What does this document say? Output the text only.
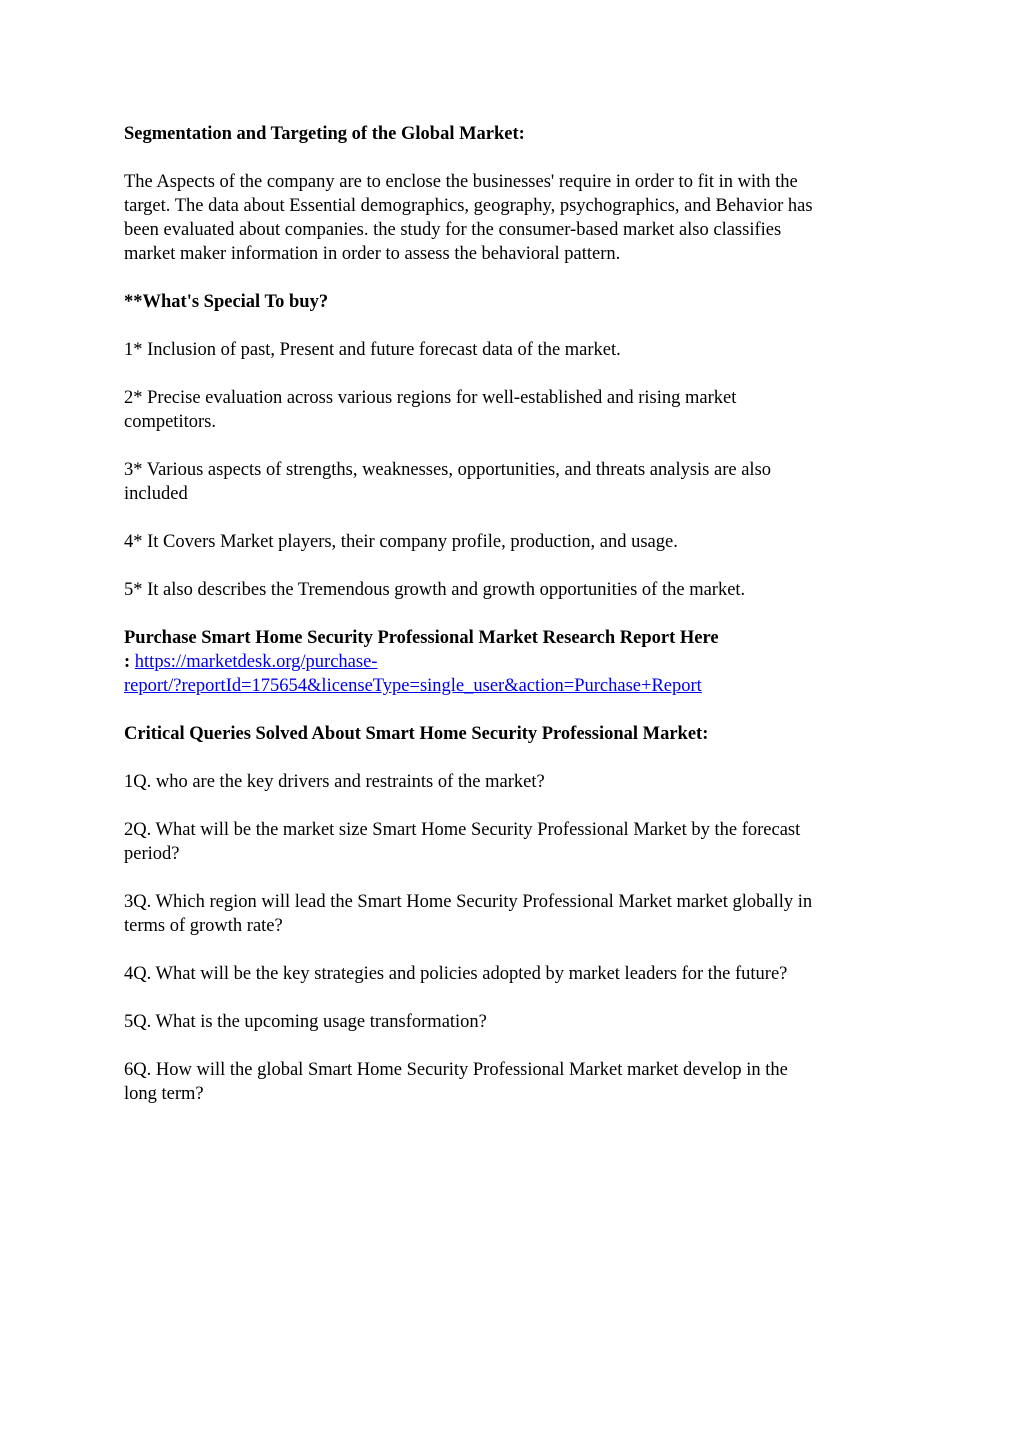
Segmentation and Targeting of the Global Market:

The Aspects of the company are to enclose the businesses' require in order to fit in with the
target. The data about Essential demographics, geography, psychographics, and Behavior has
been evaluated about companies. the study for the consumer-based market also classifies
market maker information in order to assess the behavioral pattern.

**What's Special To buy?

1* Inclusion of past, Present and future forecast data of the market.

2* Precise evaluation across various regions for well-established and rising market
competitors.

3* Various aspects of strengths, weaknesses, opportunities, and threats analysis are also
included

4* It Covers Market players, their company profile, production, and usage.

5* It also describes the Tremendous growth and growth opportunities of the market.

Purchase Smart Home Security Professional Market Research Report Here

: https://marketdesk.org/purchase-
report/?reportId=175654&licenseType=single_user&action=Purchase+Report

Critical Queries Solved About Smart Home Security Professional Market:

1Q. who are the key drivers and restraints of the market?

2Q. What will be the market size Smart Home Security Professional Market by the forecast
period?

3Q. Which region will lead the Smart Home Security Professional Market market globally in
terms of growth rate?

4Q. What will be the key strategies and policies adopted by market leaders for the future?

5Q. What is the upcoming usage transformation?

6Q. How will the global Smart Home Security Professional Market market develop in the
long term?
